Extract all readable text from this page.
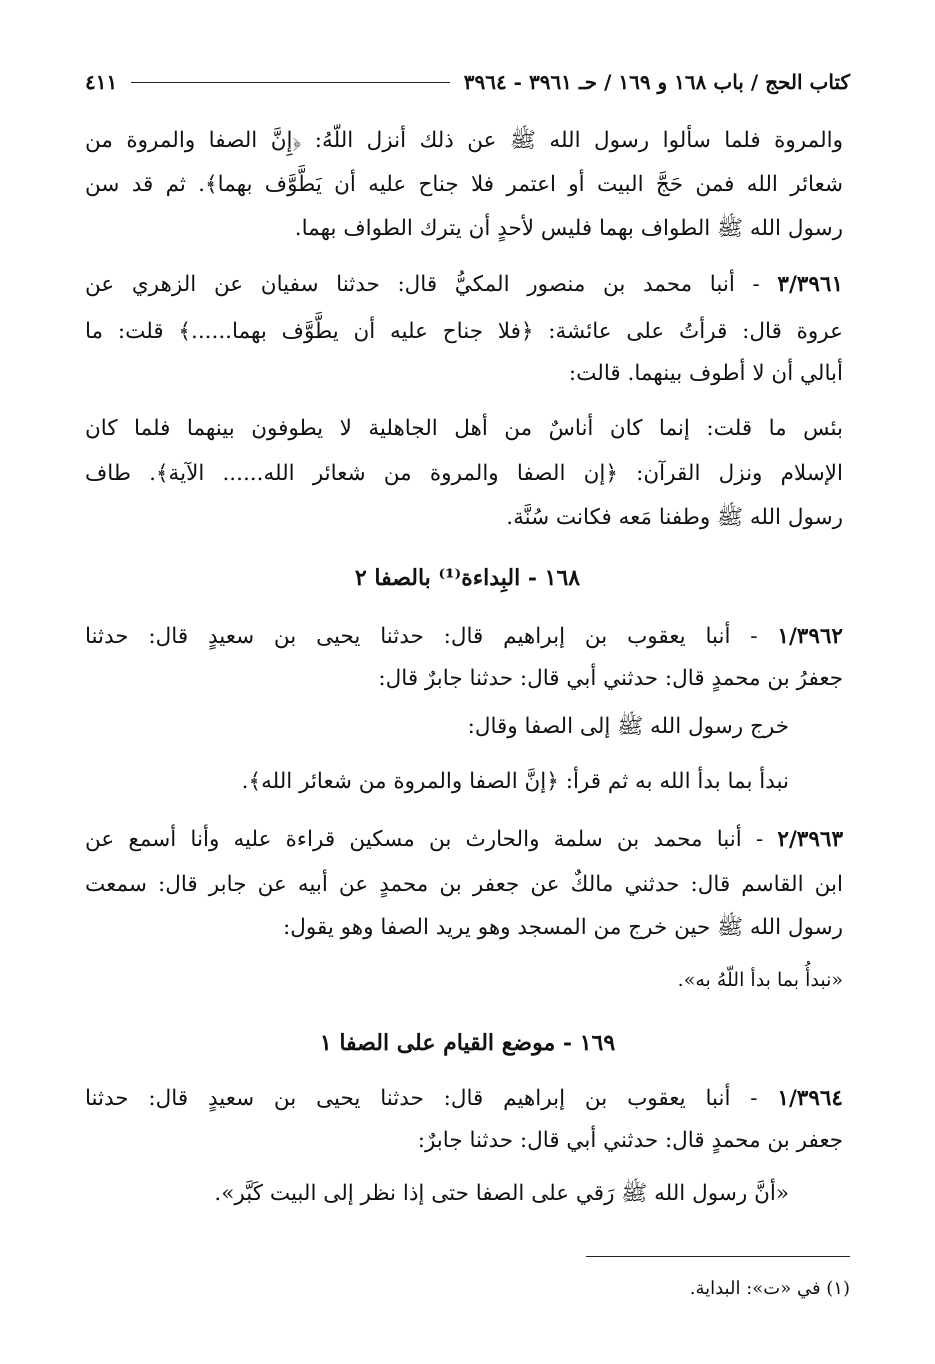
كتاب الحج / باب ١٦٨ و ١٦٩ / حـ ٣٩٦١ - ٣٩٦٤
٤١١
والمروة فلما سألوا رسول الله ﷺ عن ذلك أنزل اللّهُ: ﴿إِنَّ الصفا والمروة من
شعائر الله فمن حَجَّ البيت أو اعتمر فلا جناح عليه أن يَطَّوَّف بهما﴾. ثم قد سن
رسول الله ﷺ الطواف بهما فليس لأحدٍ أن يترك الطواف بهما.
٣/٣٩٦١ - أنبا محمد بن منصور المكيُّ قال: حدثنا سفيان عن الزهري عن
عروة قال: قرأتُ على عائشة: ﴿فلا جناح عليه أن يطَّوَّف بهما......﴾ قلت: ما
أبالي أن لا أطوف بينهما. قالت:
بئس ما قلت: إنما كان أناسٌ من أهل الجاهلية لا يطوفون بينهما فلما كان
الإسلام ونزل القرآن: ﴿إن الصفا والمروة من شعائر الله...... الآية﴾. طاف
رسول الله ﷺ وطفنا مَعه فكانت سُنَّة.
١٦٨ - البِداءة⁽¹⁾ بالصفا ٢
١/٣٩٦٢ - أنبا يعقوب بن إبراهيم قال: حدثنا يحيى بن سعيدٍ قال: حدثنا
جعفرُ بن محمدٍ قال: حدثني أبي قال: حدثنا جابرٌ قال:
خرج رسول الله ﷺ إلى الصفا وقال:
نبدأ بما بدأ الله به ثم قرأ: ﴿إنَّ الصفا والمروة من شعائر الله﴾.
٢/٣٩٦٣ - أنبا محمد بن سلمة والحارث بن مسكين قراءة عليه وأنا أسمع عن
ابن القاسم قال: حدثني مالكٌ عن جعفر بن محمدٍ عن أبيه عن جابر قال: سمعت
رسول الله ﷺ حين خرج من المسجد وهو يريد الصفا وهو يقول:
«نبدأُ بما بدأ اللّهُ به».
١٦٩ - موضع القيام على الصفا ١
١/٣٩٦٤ - أنبا يعقوب بن إبراهيم قال: حدثنا يحيى بن سعيدٍ قال: حدثنا
جعفر بن محمدٍ قال: حدثني أبي قال: حدثنا جابرٌ:
«أنَّ رسول الله ﷺ رَقي على الصفا حتى إذا نظر إلى البيت كَبَّر».
(١) في «ت»: البداية.
